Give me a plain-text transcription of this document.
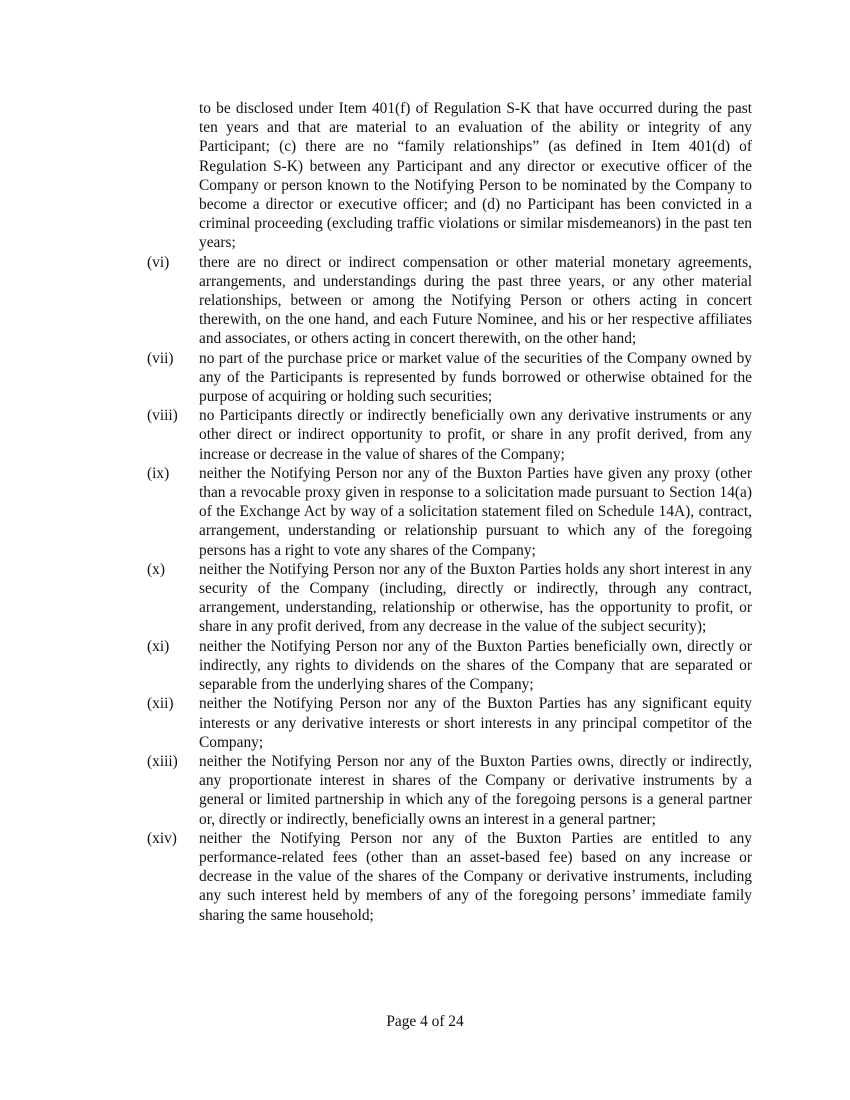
to be disclosed under Item 401(f) of Regulation S-K that have occurred during the past ten years and that are material to an evaluation of the ability or integrity of any Participant; (c) there are no “family relationships” (as defined in Item 401(d) of Regulation S-K) between any Participant and any director or executive officer of the Company or person known to the Notifying Person to be nominated by the Company to become a director or executive officer; and (d) no Participant has been convicted in a criminal proceeding (excluding traffic violations or similar misdemeanors) in the past ten years;

(vi)	there are no direct or indirect compensation or other material monetary agreements, arrangements, and understandings during the past three years, or any other material relationships, between or among the Notifying Person or others acting in concert therewith, on the one hand, and each Future Nominee, and his or her respective affiliates and associates, or others acting in concert therewith, on the other hand;
(vii)	no part of the purchase price or market value of the securities of the Company owned by any of the Participants is represented by funds borrowed or otherwise obtained for the purpose of acquiring or holding such securities;
(viii)	no Participants directly or indirectly beneficially own any derivative instruments or any other direct or indirect opportunity to profit, or share in any profit derived, from any increase or decrease in the value of shares of the Company;
(ix)	neither the Notifying Person nor any of the Buxton Parties have given any proxy (other than a revocable proxy given in response to a solicitation made pursuant to Section 14(a) of the Exchange Act by way of a solicitation statement filed on Schedule 14A), contract, arrangement, understanding or relationship pursuant to which any of the foregoing persons has a right to vote any shares of the Company;
(x)	neither the Notifying Person nor any of the Buxton Parties holds any short interest in any security of the Company (including, directly or indirectly, through any contract, arrangement, understanding, relationship or otherwise, has the opportunity to profit, or share in any profit derived, from any decrease in the value of the subject security);
(xi)	neither the Notifying Person nor any of the Buxton Parties beneficially own, directly or indirectly, any rights to dividends on the shares of the Company that are separated or separable from the underlying shares of the Company;
(xii)	neither the Notifying Person nor any of the Buxton Parties has any significant equity interests or any derivative interests or short interests in any principal competitor of the Company;
(xiii)	neither the Notifying Person nor any of the Buxton Parties owns, directly or indirectly, any proportionate interest in shares of the Company or derivative instruments by a general or limited partnership in which any of the foregoing persons is a general partner or, directly or indirectly, beneficially owns an interest in a general partner;
(xiv)	neither the Notifying Person nor any of the Buxton Parties are entitled to any performance-related fees (other than an asset-based fee) based on any increase or decrease in the value of the shares of the Company or derivative instruments, including any such interest held by members of any of the foregoing persons’ immediate family sharing the same household;
Page 4 of 24
